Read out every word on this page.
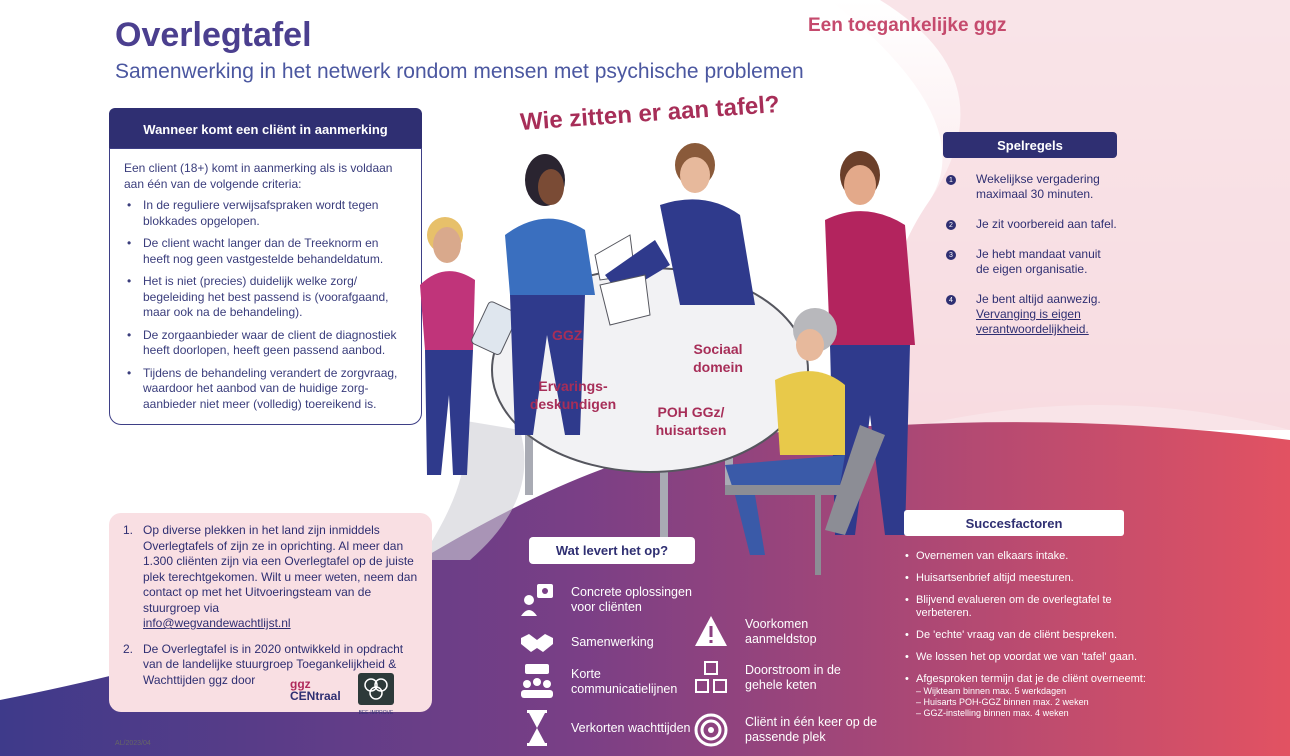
Overlegtafel
Samenwerking in het netwerk rondom mensen met psychische problemen
Een toegankelijke ggz
Wanneer komt een cliënt in aanmerking
Een client (18+) komt in aanmerking als is voldaan aan één van de volgende criteria:
• In de reguliere verwijsafspraken wordt tegen blokkades opgelopen.
• De client wacht langer dan de Treeknorm en heeft nog geen vastgestelde behandeldatum.
• Het is niet (precies) duidelijk welke zorg/ begeleiding het best passend is (voorafgaand, maar ook na de behandeling).
• De zorgaanbieder waar de client de diagnostiek heeft doorlopen, heeft geen passend aanbod.
• Tijdens de behandeling verandert de zorgvraag, waardoor het aanbod van de huidige zorg-aanbieder niet meer (volledig) toereikend is.
Wie zitten er aan tafel?
GGZ
Sociaal domein
Ervarings-deskundigen	POH GGz/ huisartsen
Spelregels
1 Wekelijkse vergadering
maximaal 30 minuten.
2 Je zit voorbereid aan tafel.
3 Je hebt mandaat vanuit
de eigen organisatie.
4 Je bent altijd aanwezig.
Vervanging is eigen verantwoordelijkheid.
1. Op diverse plekken in het land zijn inmiddels Overlegtafels of zijn ze in oprichting. Al meer dan 1.300 cliënten zijn via een Overlegtafel op de juiste plek terechtgekomen. Wilt u meer weten, neem dan contact op met het Uitvoeringsteam van de stuurgroep via
info@wegvandewachtlijst.nl
2. De Overlegtafel is in 2020 ontwikkeld in opdracht van de landelijke stuurgroep Toegankelijkheid & Wachttijden ggz door	ggz
CENtraal
BEE-IMPROVE
Wat levert het op?
Concrete oplossingen voor cliënten
Samenwerking
Korte communicatielijnen
Verkorten wachttijden
Voorkomen aanmeldstop
Doorstroom in de gehele keten
Cliënt in één keer op de passende plek
Succesfactoren
• Overnemen van elkaars intake.
• Huisartsenbrief altijd meesturen.
• Blijvend evalueren om de overlegtafel te verbeteren.
• De 'echte' vraag van de cliënt bespreken.
• We lossen het op voordat we van 'tafel' gaan.
• Afgesproken termijn dat je de cliënt overneemt:
– Wijkteam binnen max. 5 werkdagen
– Huisarts POH-GGZ binnen max. 2 weken
– GGZ-instelling binnen max. 4 weken
AL/2023/04
